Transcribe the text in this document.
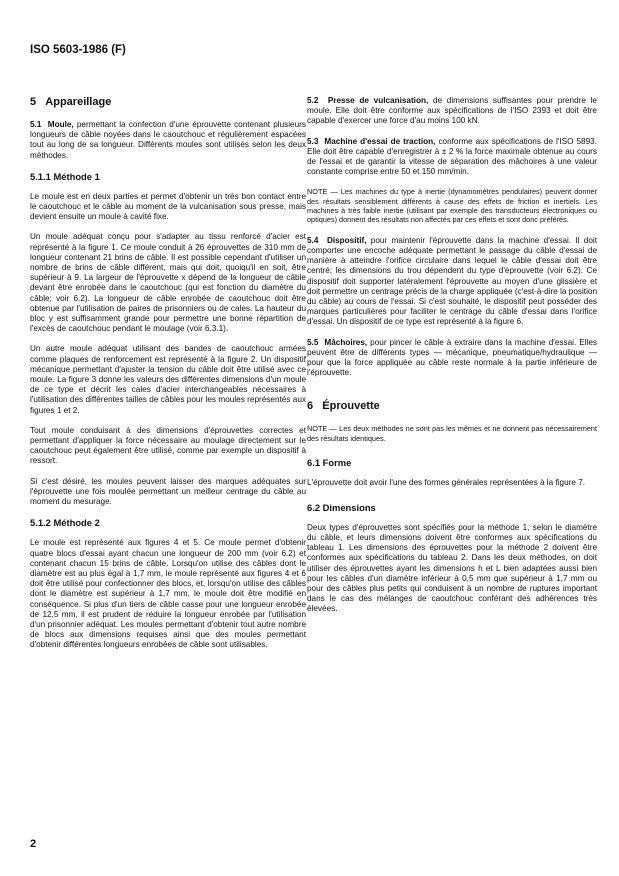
ISO 5603-1986 (F)
5 Appareillage

5.1 Moule, permettant la confection d'une éprouvette contenant plusieurs longueurs de câble noyées dans le caoutchouc et régulièrement espacées tout au long de sa longueur. Différents moules sont utilisés selon les deux méthodes.

5.1.1 Méthode 1

Le moule est en deux parties et permet d'obtenir un très bon contact entre le caoutchouc et le câble au moment de la vulcanisation sous presse, mais devient ensuite un moule à cavité fixe.

Un moule adéquat conçu pour s'adapter au tissu renforcé d'acier est représenté à la figure 1. Ce moule conduit à 26 éprouvettes de 310 mm de longueur contenant 21 brins de câble. Il est possible cependant d'utiliser un nombre de brins de câble différent, mais qui doit, quoiqu'il en soit, être supérieur à 9. La largeur de l'éprouvette x dépend de la longueur de câble devant être enrobée dans le caoutchouc (qui est fonction du diamètre du câble; voir 6.2). La longueur de câble enrobée de caoutchouc doit être obtenue par l'utilisation de paires de prisonniers ou de cales. La hauteur du bloc y est suffisamment grande pour permettre une bonne répartition de l'excès de caoutchouc pendant le moulage (voir 6.3.1).

Un autre moule adéquat utilisant des bandes de caoutchouc armées comme plaques de renforcement est représenté à la figure 2. Un dispositif mécanique permettant d'ajuster la tension du câble doit être utilisé avec ce moule. La figure 3 donne les valeurs des différentes dimensions d'un moule de ce type et décrit les cales d'acier interchangeables nécessaires à l'utilisation des différentes tailles de câbles pour les moules représentés aux figures 1 et 2.

Tout moule conduisant à des dimensions d'éprouvettes correctes et permettant d'appliquer la force nécessaire au moulage directement sur le caoutchouc peut également être utilisé, comme par exemple un dispositif à ressort.

Si c'est désiré, les moules peuvent laisser des marques adéquates sur l'éprouvette une fois moulée permettant un meilleur centrage du câble au moment du mesurage.

5.1.2 Méthode 2

Le moule est représenté aux figures 4 et 5. Ce moule permet d'obtenir quatre blocs d'essai ayant chacun une longueur de 200 mm (voir 6.2) et contenant chacun 15 brins de câble. Lorsqu'on utilise des câbles dont le diamètre est au plus égal à 1,7 mm, le moule représenté aux figures 4 et 6 doit être utilisé pour confectionner des blocs, et, lorsqu'on utilise des câbles dont le diamètre est supérieur à 1,7 mm, le moule doit être modifié en conséquence. Si plus d'un tiers de câble casse pour une longueur enrobée de 12,5 mm, il est prudent de réduire la longueur enrobée par l'utilisation d'un prisonnier adéquat. Les moules permettant d'obtenir tout autre nombre de blocs aux dimensions requises ainsi que des moules permettant d'obtenir différentes longueurs enrobées de câble sont utilisables.

5.2 Presse de vulcanisation, de dimensions suffisantes pour prendre le moule. Elle doit être conforme aux spécifications de l'ISO 2393 et doit être capable d'exercer une force d'au moins 100 kN.

5.3 Machine d'essai de traction, conforme aux spécifications de l'ISO 5893. Elle doit être capable d'enregistrer à ± 2 % la force maximale obtenue au cours de l'essai et de garantir la vitesse de séparation des mâchoires à une valeur constante comprise entre 50 et 150 mm/min.

NOTE — Les machines du type à inertie (dynamomètres pendulaires) peuvent donner des résultats sensiblement différents à cause des effets de friction et inertiels. Les machines à très faible inertie (utilisant par exemple des transducteurs électroniques ou optiques) donnent des résultats non affectés par ces effets et sont donc préférés.

5.4 Dispositif, pour maintenir l'éprouvette dans la machine d'essai. Il doit comporter une encoche adéquate permettant le passage du câble d'essai de manière à atteindre l'orifice circulaire dans lequel le câble d'essai doit être centré; les dimensions du trou dépendent du type d'éprouvette (voir 6.2). Ce dispositif doit supporter latéralement l'éprouvette au moyen d'une glissière et doit permettre un centrage précis de la charge appliquée (c'est-à-dire la position du câble) au cours de l'essai. Si c'est souhaité, le dispositif peut posséder des marques particulières pour faciliter le centrage du câble d'essai dans l'orifice d'essai. Un dispositif de ce type est représenté à la figure 6.

5.5 Mâchoires, pour pincer le câble à extraire dans la machine d'essai. Elles peuvent être de différents types — mécanique, pneumatique/hydraulique — pour que la force appliquée au câble reste normale à la partie inférieure de l'éprouvette.

6 Éprouvette

NOTE — Les deux méthodes ne sont pas les mêmes et ne donnent pas nécessairement des résultats identiques.

6.1 Forme

L'éprouvette doit avoir l'une des formes générales représentées à la figure 7.

6.2 Dimensions

Deux types d'éprouvettes sont spécifiés pour la méthode 1, selon le diamètre du câble, et leurs dimensions doivent être conformes aux spécifications du tableau 1. Les dimensions des éprouvettes pour la méthode 2 doivent être conformes aux spécifications du tableau 2. Dans les deux méthodes, on doit utiliser des éprouvettes ayant les dimensions h et L bien adaptées aussi bien pour les câbles d'un diamètre inférieur à 0,5 mm que supérieur à 1,7 mm ou pour des câbles plus petits qui conduisent à un nombre de ruptures important dans le cas des mélanges de caoutchouc conférant des adhérences très élevées.

2
